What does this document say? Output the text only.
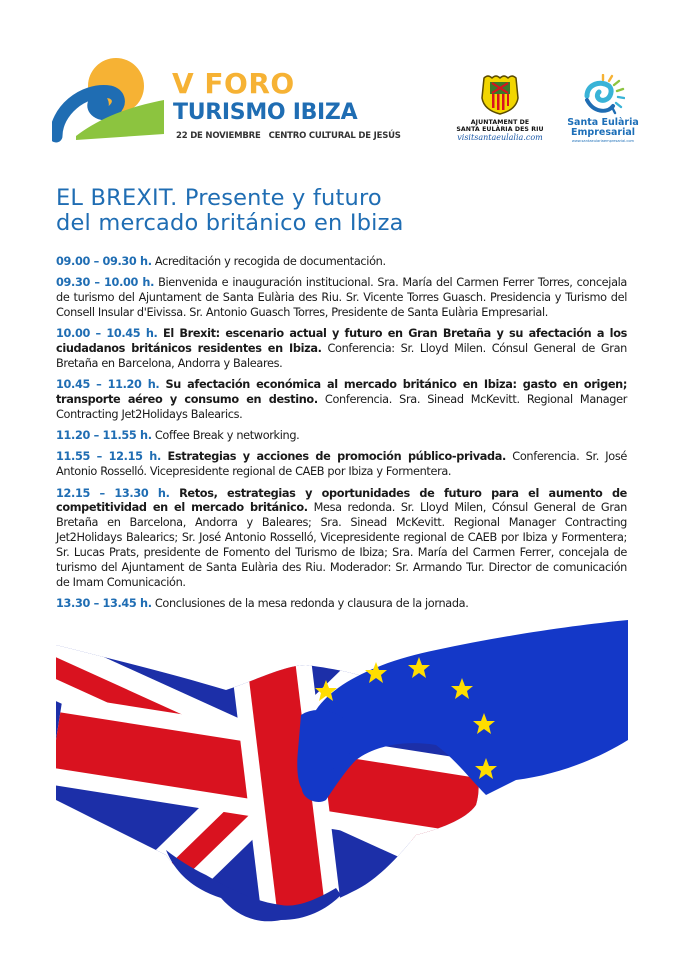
V FORO
TURISMO IBIZA
22 DE NOVIEMBRE CENTRO CULTURAL DE JESÚS
AJUNTAMENT DE
SANTA EULÀRIA DES RIU
visitsantaeulalia.com
Santa Eulària
Empresarial
www.santaeulariaempresarial.com
EL BREXIT. Presente y futuro
del mercado británico en Ibiza

09.00 – 09.30 h. Acreditación y recogida de documentación.

09.30 – 10.00 h. Bienvenida e inauguración institucional. Sra. María del Carmen Ferrer Torres, concejala de turismo del Ajuntament de Santa Eulària des Riu. Sr. Vicente Torres Guasch. Presidencia y Turismo del Consell Insular d'Eivissa. Sr. Antonio Guasch Torres, Presidente de Santa Eulària Empresarial.

10.00 – 10.45 h. El Brexit: escenario actual y futuro en Gran Bretaña y su afectación a los ciudadanos británicos residentes en Ibiza. Conferencia: Sr. Lloyd Milen. Cónsul General de Gran Bretaña en Barcelona, Andorra y Baleares.

10.45 – 11.20 h. Su afectación económica al mercado británico en Ibiza: gasto en origen; transporte aéreo y consumo en destino. Conferencia. Sra. Sinead McKevitt. Regional Manager Contracting Jet2Holidays Balearics.

11.20 – 11.55 h. Coffee Break y networking.

11.55 – 12.15 h. Estrategias y acciones de promoción público-privada. Conferencia. Sr. José Antonio Rosselló. Vicepresidente regional de CAEB por Ibiza y Formentera.

12.15 – 13.30 h. Retos, estrategias y oportunidades de futuro para el aumento de competitividad en el mercado británico. Mesa redonda. Sr. Lloyd Milen, Cónsul General de Gran Bretaña en Barcelona, Andorra y Baleares; Sra. Sinead McKevitt. Regional Manager Contracting Jet2Holidays Balearics; Sr. José Antonio Rosselló, Vicepresidente regional de CAEB por Ibiza y Formentera; Sr. Lucas Prats, presidente de Fomento del Turismo de Ibiza; Sra. María del Carmen Ferrer, concejala de turismo del Ajuntament de Santa Eulària des Riu. Moderador: Sr. Armando Tur. Director de comunicación de Imam Comunicación.

13.30 – 13.45 h. Conclusiones de la mesa redonda y clausura de la jornada.
